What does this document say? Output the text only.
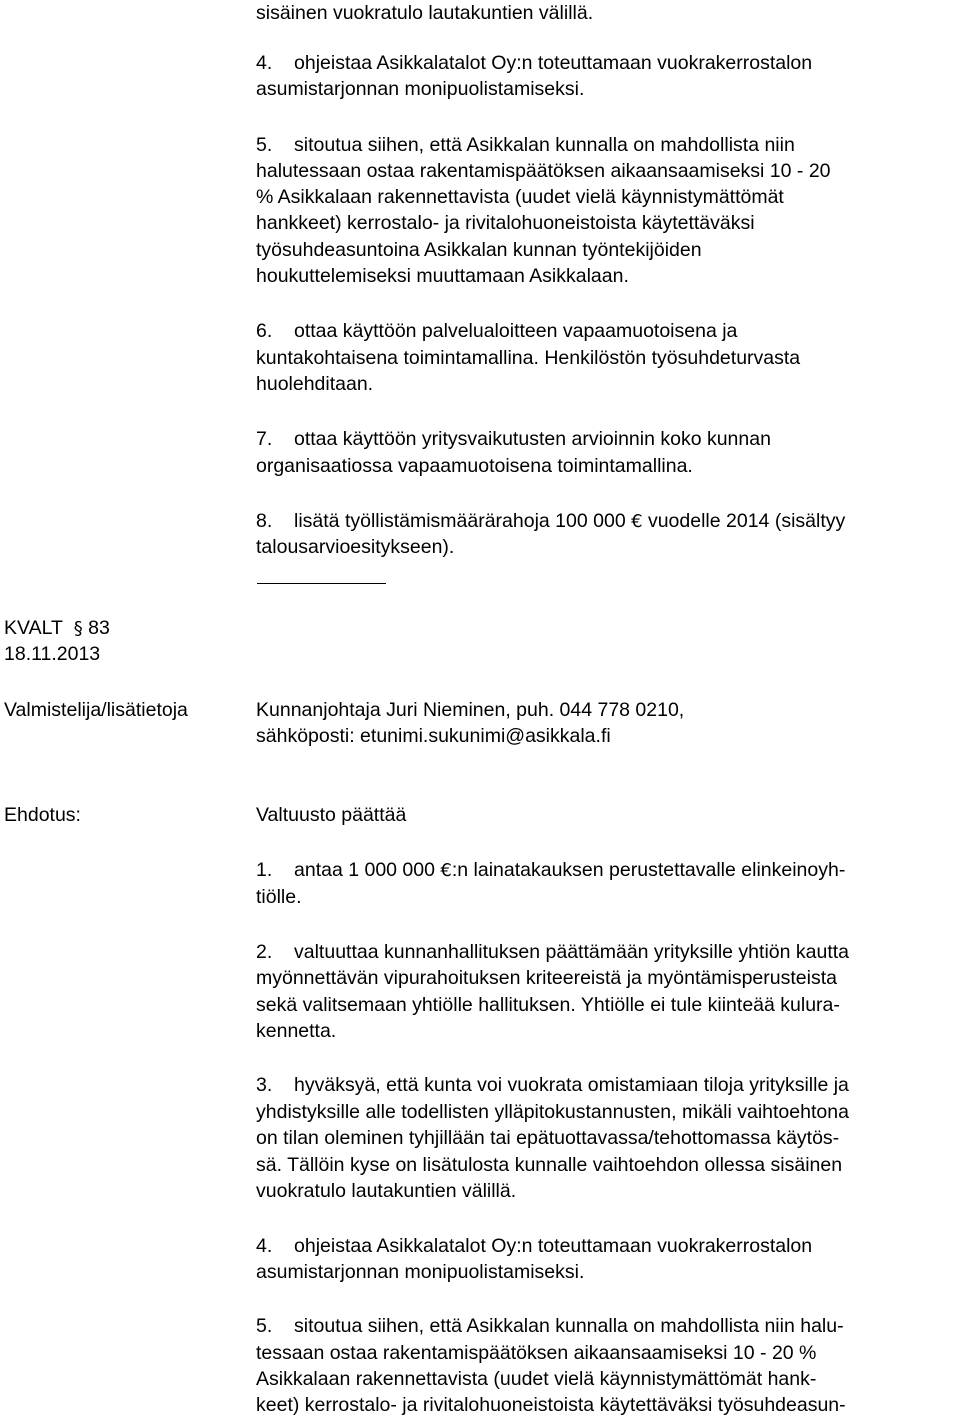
sisäinen vuokratulo lautakuntien välillä.
4. ohjeistaa Asikkalatalot Oy:n toteuttamaan vuokrakerrostalon
asumistarjonnan monipuolistamiseksi.
5. sitoutua siihen, että Asikkalan kunnalla on mahdollista niin
halutessaan ostaa rakentamispäätöksen aikaansaamiseksi 10 - 20
% Asikkalaan rakennettavista (uudet vielä käynnistymättömät
hankkeet) kerrostalo- ja rivitalohuoneistoista käytettäväksi
työsuhdeasuntoina Asikkalan kunnan työntekijöiden
houkuttelemiseksi muuttamaan Asikkalaan.
6. ottaa käyttöön palvelualoitteen vapaamuotoisena ja
kuntakohtaisena toimintamallina. Henkilöstön työsuhdeturvasta
huolehditaan.
7. ottaa käyttöön yritysvaikutusten arvioinnin koko kunnan
organisaatiossa vapaamuotoisena toimintamallina.
8. lisätä työllistämismäärärahoja 100 000 € vuodelle 2014 (sisältyy
talousarvioesitykseen).
KVALT § 83
18.11.2013
Valmistelija/lisätietoja	Kunnanjohtaja Juri Nieminen, puh. 044 778 0210,
sähköposti: etunimi.sukunimi@asikkala.fi
Ehdotus:	Valtuusto päättää
1. antaa 1 000 000 €:n lainatakauksen perustettavalle elinkeinoyh-
tiölle.
2. valtuuttaa kunnanhallituksen päättämään yrityksille yhtiön kautta
myönnettävän vipurahoituksen kriteereistä ja myöntämisperusteista
sekä valitsemaan yhtiölle hallituksen. Yhtiölle ei tule kiinteää kulura-
kennetta.
3. hyväksyä, että kunta voi vuokrata omistamiaan tiloja yrityksille ja
yhdistyksille alle todellisten ylläpitokustannusten, mikäli vaihtoehtona
on tilan oleminen tyhjillään tai epätuottavassa/tehottomassa käytös-
sä. Tällöin kyse on lisätulosta kunnalle vaihtoehdon ollessa sisäinen
vuokratulo lautakuntien välillä.
4. ohjeistaa Asikkalatalot Oy:n toteuttamaan vuokrakerrostalon
asumistarjonnan monipuolistamiseksi.
5. sitoutua siihen, että Asikkalan kunnalla on mahdollista niin halu-
tessaan ostaa rakentamispäätöksen aikaansaamiseksi 10 - 20 %
Asikkalaan rakennettavista (uudet vielä käynnistymättömät hank-
keet) kerrostalo- ja rivitalohuoneistoista käytettäväksi työsuhdeasun-
